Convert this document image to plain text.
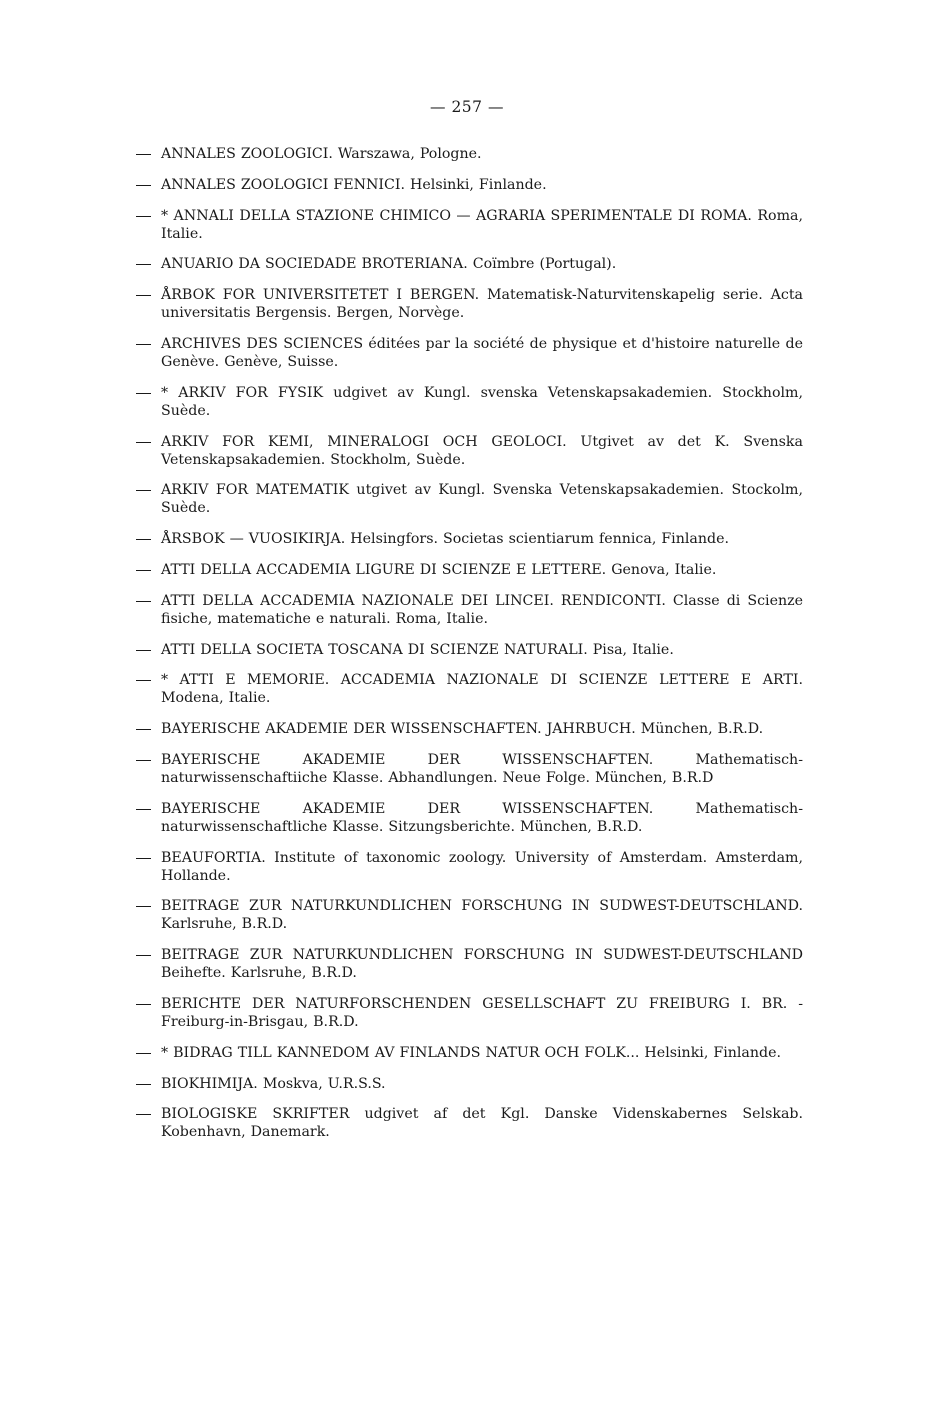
— 257 —
ANNALES ZOOLOGICI. Warszawa, Pologne.
ANNALES ZOOLOGICI FENNICI. Helsinki, Finlande.
* ANNALI DELLA STAZIONE CHIMICO — AGRARIA SPERIMENTALE DI ROMA. Roma, Italie.
ANUARIO DA SOCIEDADE BROTERIANA. Coïmbre (Portugal).
ÅRBOK FOR UNIVERSITETET I BERGEN. Matematisk-Naturvitenskapelig serie. Acta universitatis Bergensis. Bergen, Norvège.
ARCHIVES DES SCIENCES éditées par la société de physique et d'histoire naturelle de Genève. Genève, Suisse.
* ARKIV FOR FYSIK udgivet av Kungl. svenska Vetenskapsakademien. Stockholm, Suède.
ARKIV FOR KEMI, MINERALOGI OCH GEOLOCI. Utgivet av det K. Svenska Vetenskapsakademien. Stockholm, Suède.
ARKIV FOR MATEMATIK utgivet av Kungl. Svenska Vetenskapsakademien. Stockolm, Suède.
ÅRSBOK — VUOSIKIRJA. Helsingfors. Societas scientiarum fennica, Finlande.
ATTI DELLA ACCADEMIA LIGURE DI SCIENZE E LETTERE. Genova, Italie.
ATTI DELLA ACCADEMIA NAZIONALE DEI LINCEI. RENDICONTI. Classe di Scienze fisiche, matematiche e naturali. Roma, Italie.
ATTI DELLA SOCIETA TOSCANA DI SCIENZE NATURALI. Pisa, Italie.
* ATTI E MEMORIE. ACCADEMIA NAZIONALE DI SCIENZE LETTERE E ARTI. Modena, Italie.
BAYERISCHE AKADEMIE DER WISSENSCHAFTEN. JAHRBUCH. München, B.R.D.
BAYERISCHE AKADEMIE DER WISSENSCHAFTEN. Mathematisch-naturwissenschaftiiche Klasse. Abhandlungen. Neue Folge. München, B.R.D
BAYERISCHE AKADEMIE DER WISSENSCHAFTEN. Mathematisch-naturwissenschaftliche Klasse. Sitzungsberichte. München, B.R.D.
BEAUFORTIA. Institute of taxonomic zoology. University of Amsterdam. Amsterdam, Hollande.
BEITRAGE ZUR NATURKUNDLICHEN FORSCHUNG IN SUDWEST-DEUTSCHLAND. Karlsruhe, B.R.D.
BEITRAGE ZUR NATURKUNDLICHEN FORSCHUNG IN SUDWEST-DEUTSCHLAND Beihefte. Karlsruhe, B.R.D.
BERICHTE DER NATURFORSCHENDEN GESELLSCHAFT ZU FREIBURG I. BR. - Freiburg-in-Brisgau, B.R.D.
* BIDRAG TILL KANNEDOM AV FINLANDS NATUR OCH FOLK... Helsinki, Finlande.
BIOKHIMIJA. Moskva, U.R.S.S.
BIOLOGISKE SKRIFTER udgivet af det Kgl. Danske Videnskabernes Selskab. Kobenhavn, Danemark.
